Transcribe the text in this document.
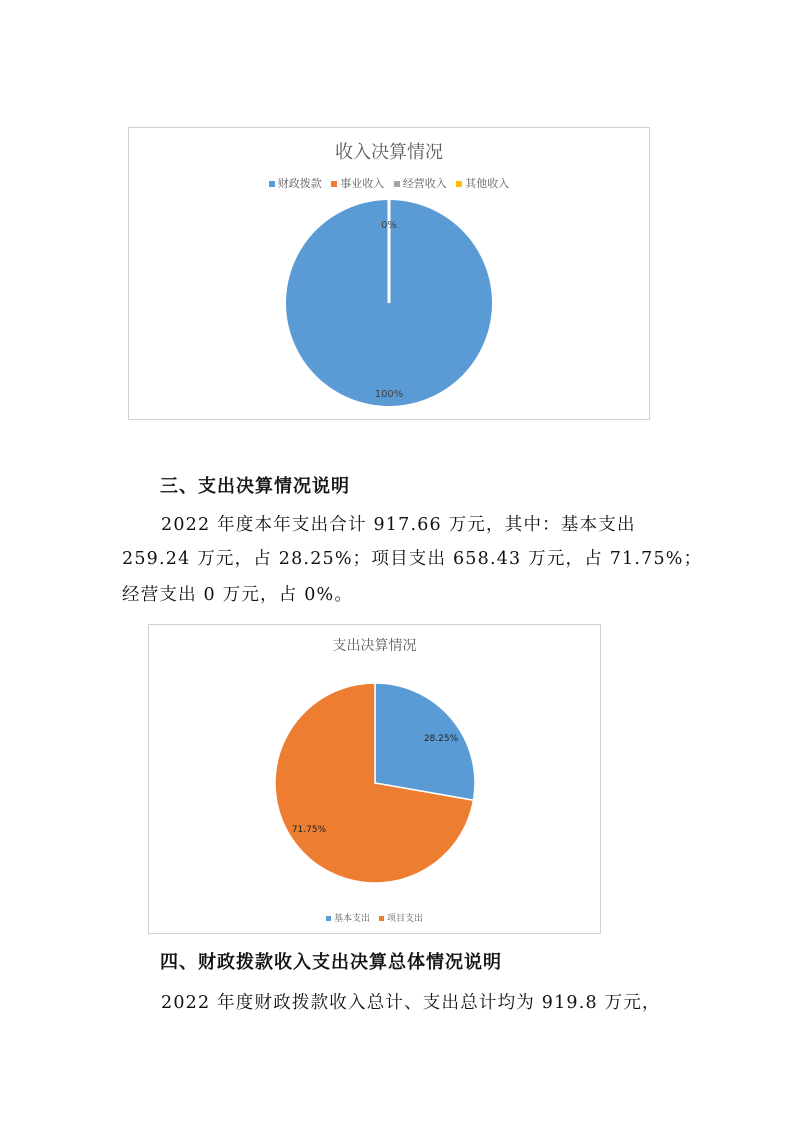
收入决算情况
财政拨款 事业收入 经营收入 其他收入
0%
100%
三、支出决算情况说明
2022 年度本年支出合计 917.66 万元，其中：基本支出
259.24 万元，占 28.25%；项目支出 658.43 万元，占 71.75%；
经营支出 0 万元，占 0%。
支出决算情况
28.25%
71.75%
基本支出 项目支出
四、财政拨款收入支出决算总体情况说明
2022 年度财政拨款收入总计、支出总计均为 919.8 万元，
